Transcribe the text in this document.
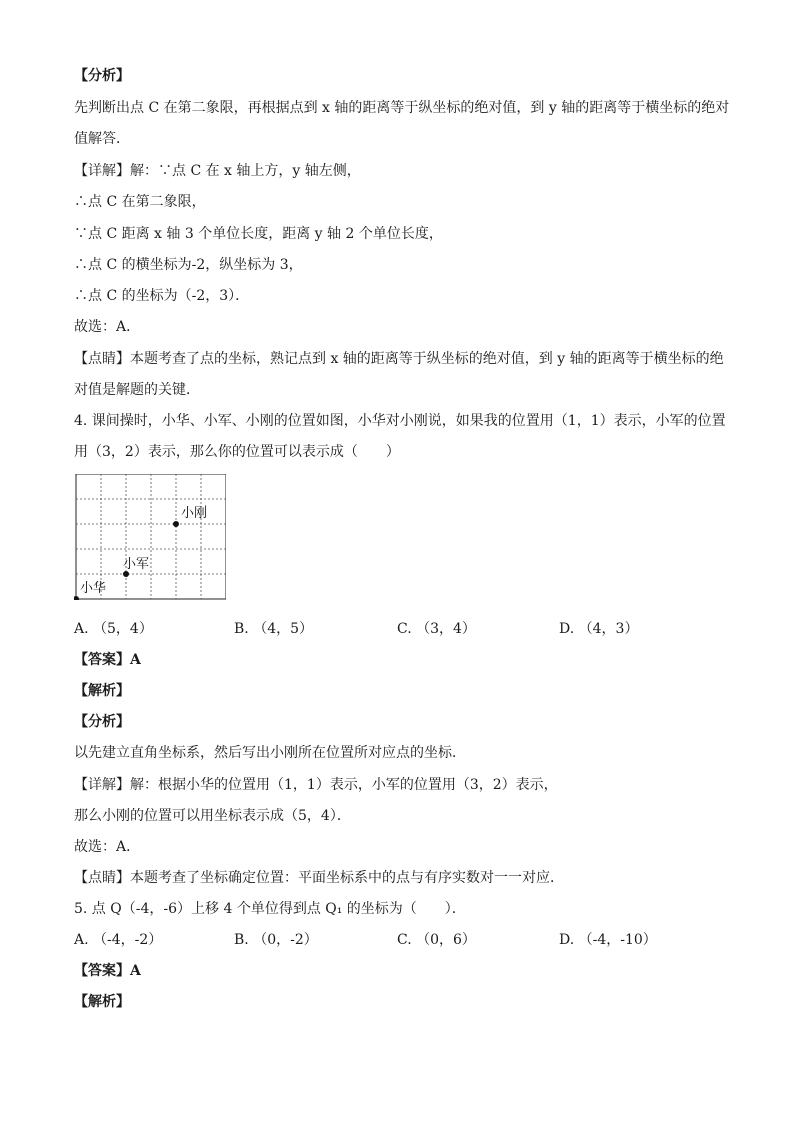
【分析】
先判断出点 C 在第二象限，再根据点到 x 轴的距离等于纵坐标的绝对值，到 y 轴的距离等于横坐标的绝对
值解答．
【详解】解：∵点 C 在 x 轴上方，y 轴左侧，
∴点 C 在第二象限，
∵点 C 距离 x 轴 3 个单位长度，距离 y 轴 2 个单位长度，
∴点 C 的横坐标为-2，纵坐标为 3，
∴点 C 的坐标为（-2，3）．
故选：A．
【点睛】本题考查了点的坐标，熟记点到 x 轴的距离等于纵坐标的绝对值，到 y 轴的距离等于横坐标的绝
对值是解题的关键．
4. 课间操时，小华、小军、小刚的位置如图，小华对小刚说，如果我的位置用（1，1）表示，小军的位置
用（3，2）表示，那么你的位置可以表示成（　　）
小华
小军
小刚
A. （5，4）	B. （4，5）	C. （3，4）	D. （4，3）
【答案】A
【解析】
【分析】
以先建立直角坐标系，然后写出小刚所在位置所对应点的坐标．
【详解】解：根据小华的位置用（1，1）表示，小军的位置用（3，2）表示，
那么小刚的位置可以用坐标表示成（5，4）．
故选：A．
【点睛】本题考查了坐标确定位置：平面坐标系中的点与有序实数对一一对应．
5. 点 Q（-4，-6）上移 4 个单位得到点 Q₁ 的坐标为（　　）．
A. （-4，-2）	B. （0，-2）	C. （0，6）	D. （-4，-10）
【答案】A
【解析】
